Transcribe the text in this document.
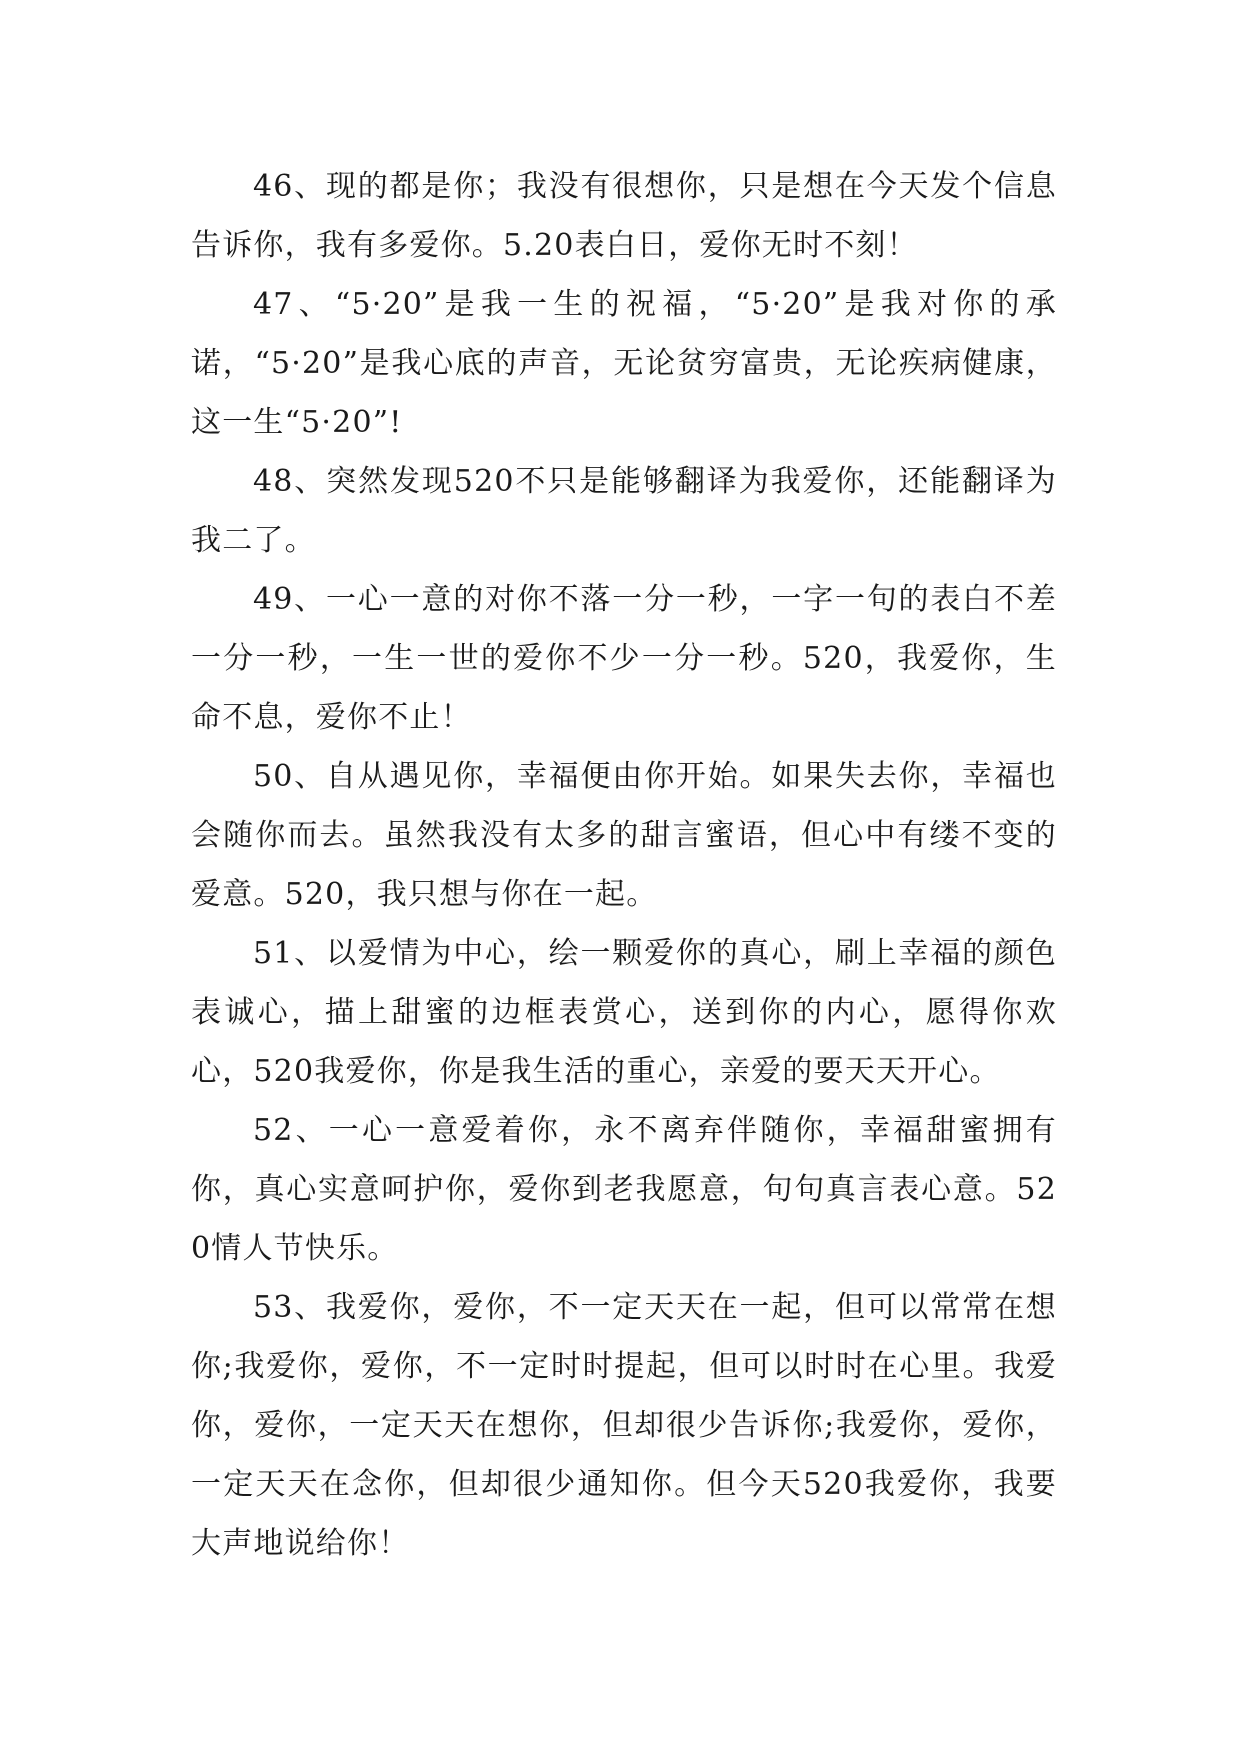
46、现的都是你；我没有很想你，只是想在今天发个信息告诉你，我有多爱你。5.20表白日，爱你无时不刻！

47、“5·20”是我一生的祝福，“5·20”是我对你的承诺，“5·20”是我心底的声音，无论贫穷富贵，无论疾病健康，这一生“5·20”!

48、突然发现520不只是能够翻译为我爱你，还能翻译为我二了。

49、一心一意的对你不落一分一秒，一字一句的表白不差一分一秒，一生一世的爱你不少一分一秒。520，我爱你，生命不息，爱你不止！

50、自从遇见你，幸福便由你开始。如果失去你，幸福也会随你而去。虽然我没有太多的甜言蜜语，但心中有缕不变的爱意。520，我只想与你在一起。

51、以爱情为中心，绘一颗爱你的真心，刷上幸福的颜色表诚心，描上甜蜜的边框表赏心，送到你的内心，愿得你欢心，520我爱你，你是我生活的重心，亲爱的要天天开心。

52、一心一意爱着你，永不离弃伴随你，幸福甜蜜拥有你，真心实意呵护你，爱你到老我愿意，句句真言表心意。520情人节快乐。

53、我爱你，爱你，不一定天天在一起，但可以常常在想你;我爱你，爱你，不一定时时提起，但可以时时在心里。我爱你，爱你，一定天天在想你，但却很少告诉你;我爱你，爱你，一定天天在念你，但却很少通知你。但今天520我爱你，我要大声地说给你！
